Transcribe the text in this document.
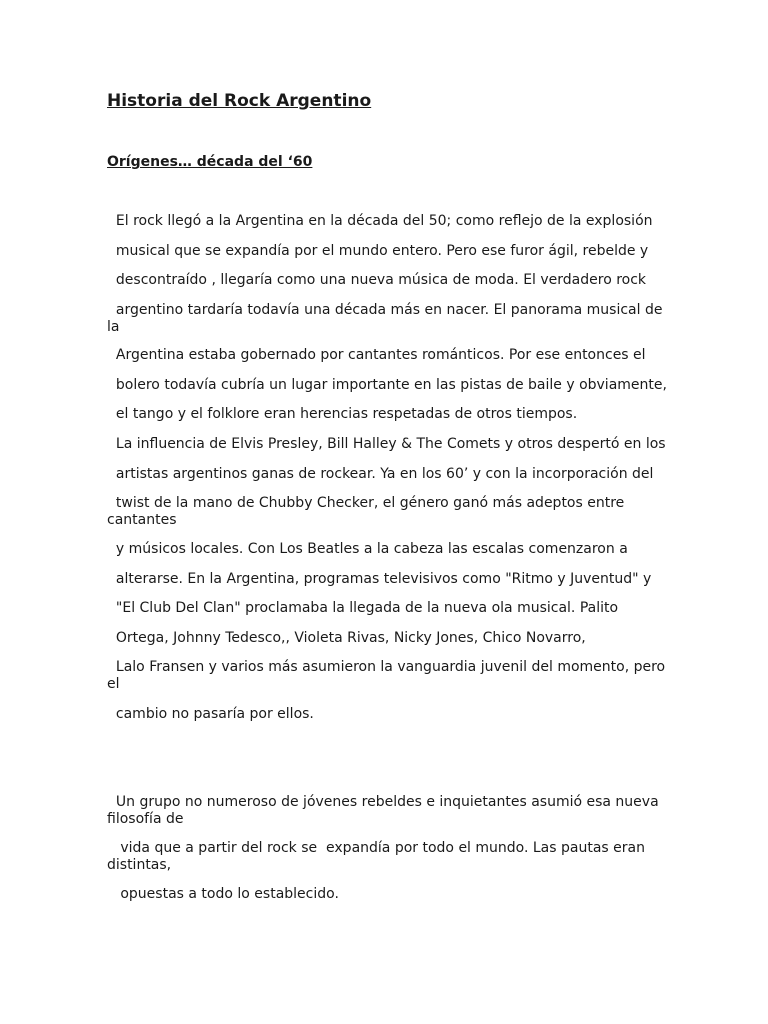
Historia del Rock Argentino
Orígenes… década del ‘60

El rock llegó a la Argentina en la década del 50; como reflejo de la explosión

musical que se expandía por el mundo entero. Pero ese furor ágil, rebelde y

descontraído , llegaría como una nueva música de moda. El verdadero rock

argentino tardaría todavía una década más en nacer. El panorama musical de la

Argentina estaba gobernado por cantantes románticos. Por ese entonces el

bolero todavía cubría un lugar importante en las pistas de baile y obviamente,

el tango y el folklore eran herencias respetadas de otros tiempos.

La influencia de Elvis Presley, Bill Halley & The Comets y otros despertó en los

artistas argentinos ganas de rockear. Ya en los 60’ y con la incorporación del

twist de la mano de Chubby Checker, el género ganó más adeptos entre cantantes

y músicos locales. Con Los Beatles a la cabeza las escalas comenzaron a

alterarse. En la Argentina, programas televisivos como "Ritmo y Juventud" y

"El Club Del Clan" proclamaba la llegada de la nueva ola musical. Palito

Ortega, Johnny Tedesco,, Violeta Rivas, Nicky Jones, Chico Novarro,

Lalo Fransen y varios más asumieron la vanguardia juvenil del momento, pero el

cambio no pasaría por ellos.

Un grupo no numeroso de jóvenes rebeldes e inquietantes asumió esa nueva filosofía de

vida que a partir del rock se  expandía por todo el mundo. Las pautas eran distintas,

opuestas a todo lo establecido.
